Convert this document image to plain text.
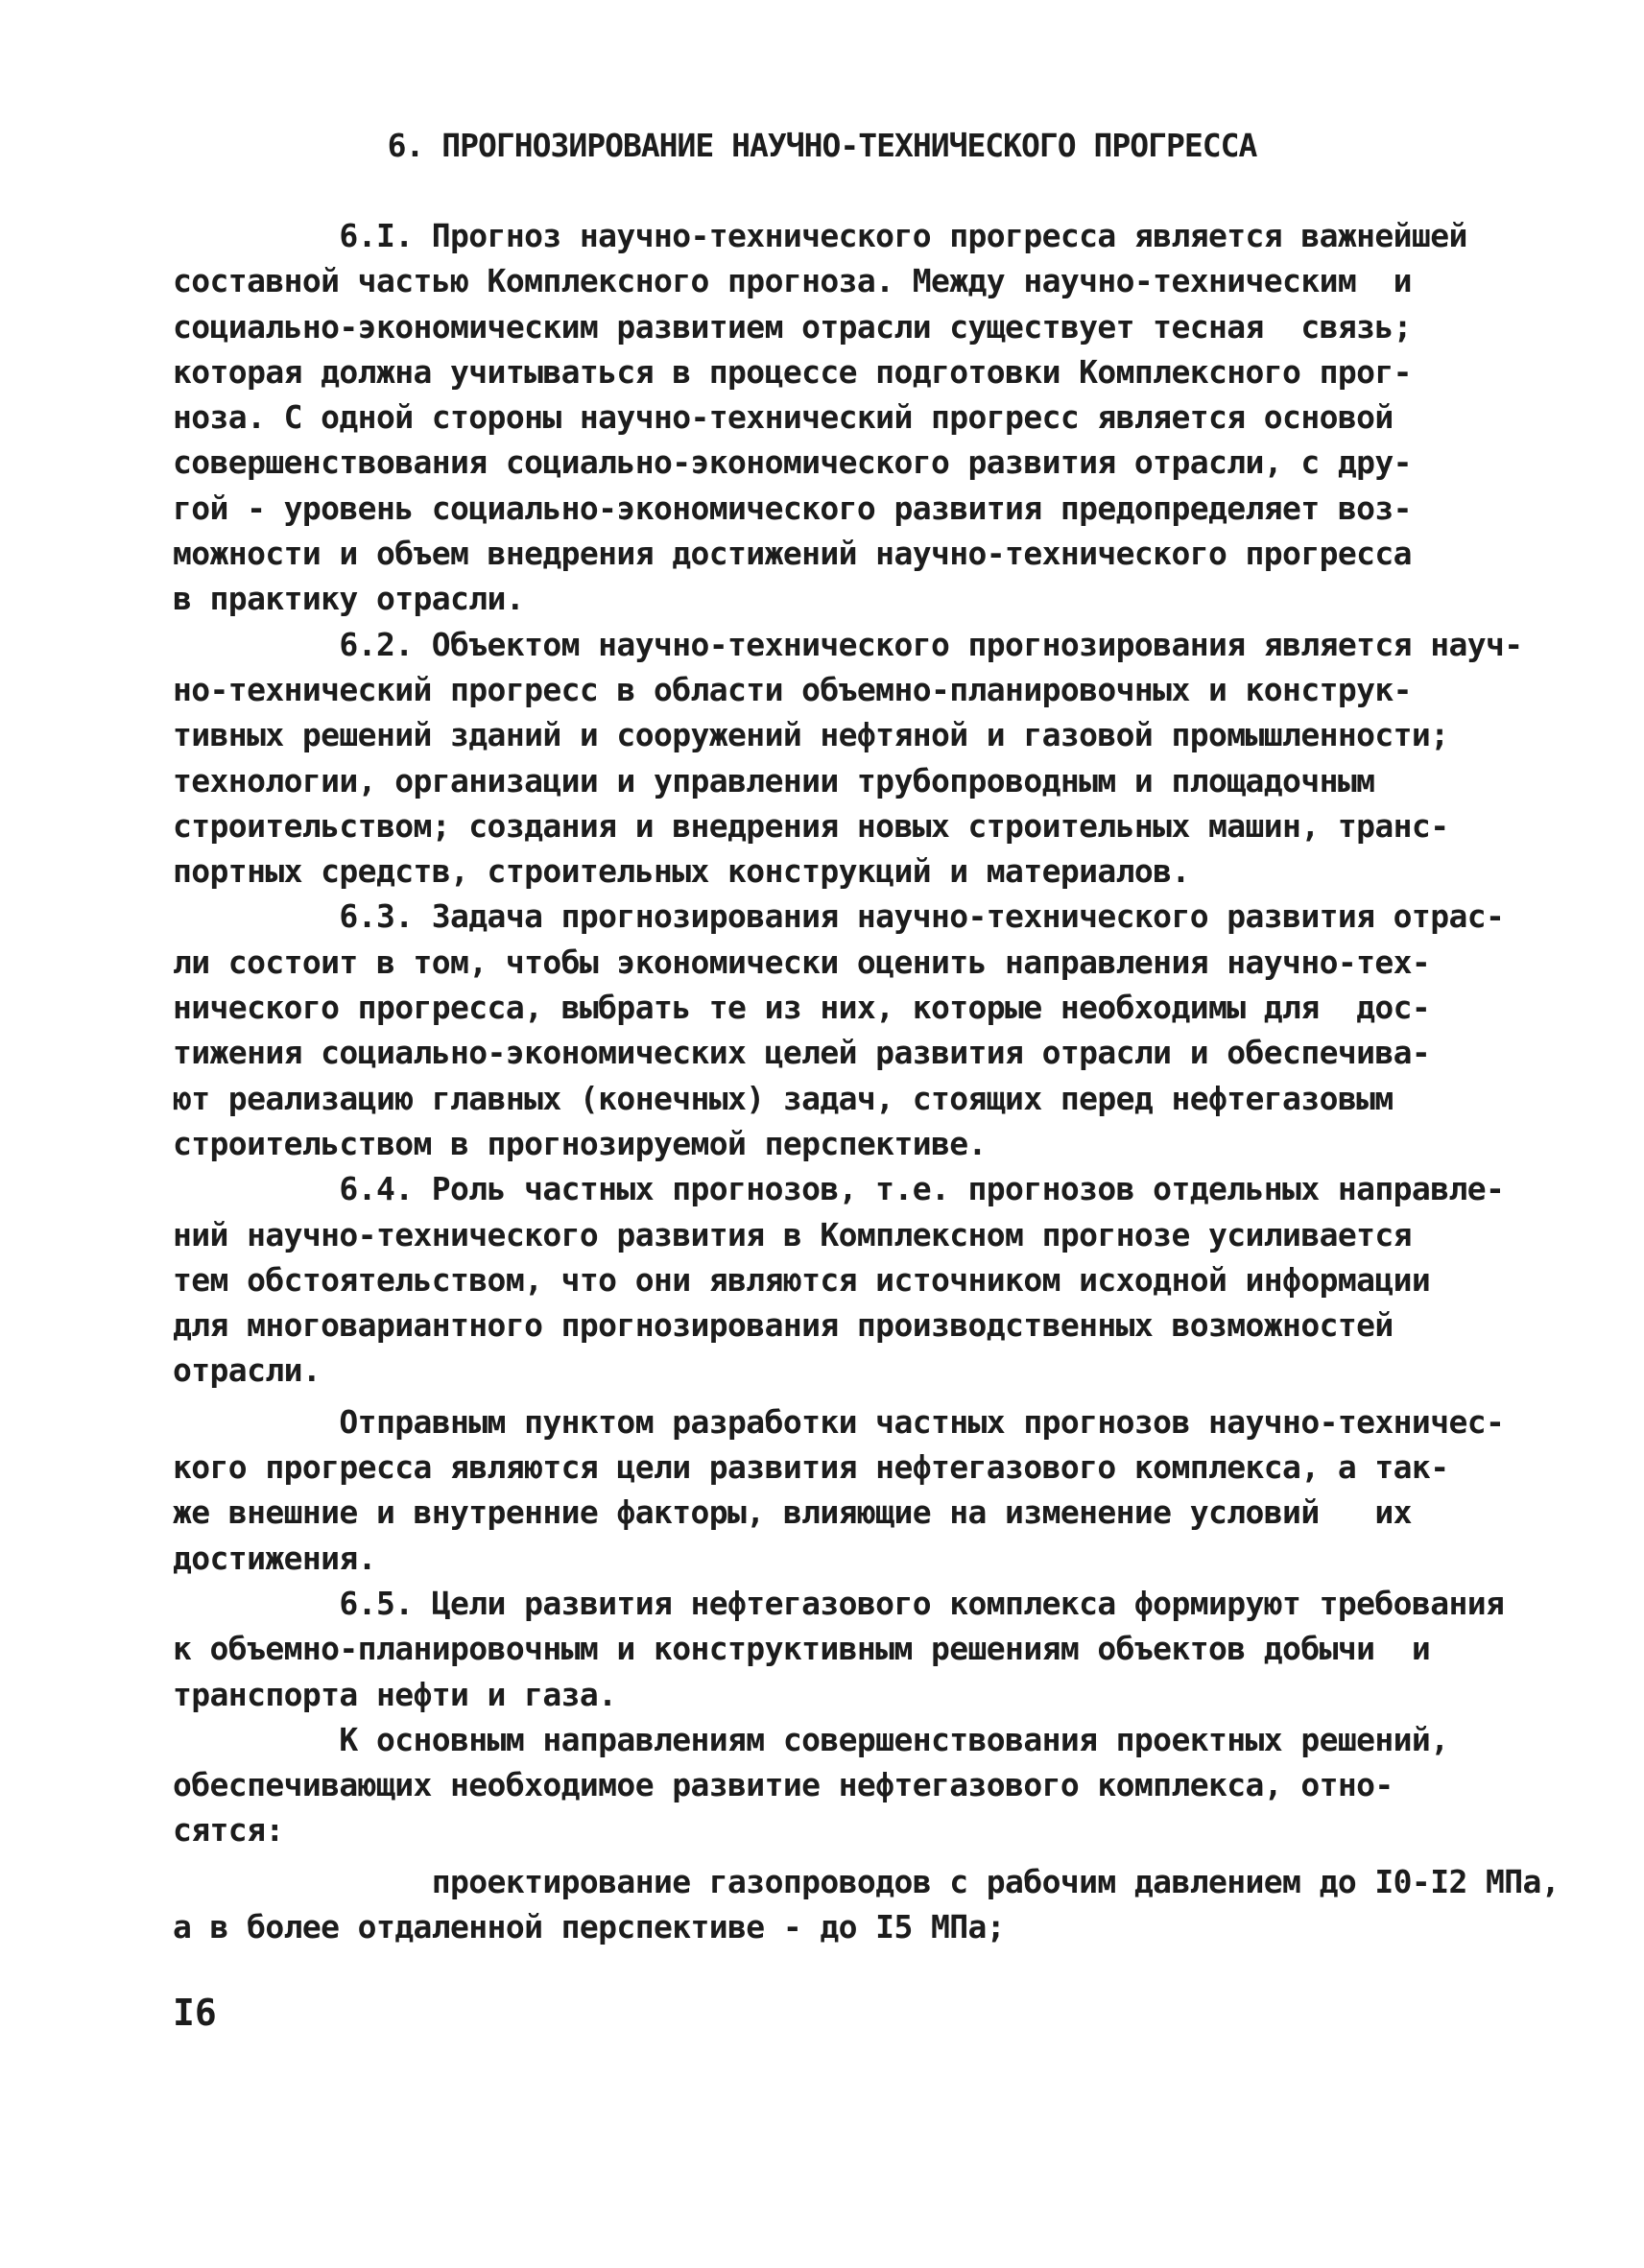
6. ПРОГНОЗИРОВАНИЕ НАУЧНО-ТЕХНИЧЕСКОГО ПРОГРЕССА
6.I. Прогноз научно-технического прогресса является важнейшей
составной частью Комплексного прогноза. Между научно-техническим  и
социально-экономическим развитием отрасли существует тесная  связь;
которая должна учитываться в процессе подготовки Комплексного прог-
ноза. С одной стороны научно-технический прогресс является основой
совершенствования социально-экономического развития отрасли, с дру-
гой - уровень социально-экономического развития предопределяет воз-
можности и объем внедрения достижений научно-технического прогресса
в практику отрасли.
6.2. Объектом научно-технического прогнозирования является науч-
но-технический прогресс в области объемно-планировочных и конструк-
тивных решений зданий и сооружений нефтяной и газовой промышленности;
технологии, организации и управлении трубопроводным и площадочным
строительством; создания и внедрения новых строительных машин, транс-
портных средств, строительных конструкций и материалов.
6.3. Задача прогнозирования научно-технического развития отрас-
ли состоит в том, чтобы экономически оценить направления научно-тех-
нического прогресса, выбрать те из них, которые необходимы для  дос-
тижения социально-экономических целей развития отрасли и обеспечива-
ют реализацию главных (конечных) задач, стоящих перед нефтегазовым
строительством в прогнозируемой перспективе.
6.4. Роль частных прогнозов, т.е. прогнозов отдельных направле-
ний научно-технического развития в Комплексном прогнозе усиливается
тем обстоятельством, что они являются источником исходной информации
для многовариантного прогнозирования производственных возможностей
отрасли.
Отправным пунктом разработки частных прогнозов научно-техничес-
кого прогресса являются цели развития нефтегазового комплекса, а так-
же внешние и внутренние факторы, влияющие на изменение условий   их
достижения.
6.5. Цели развития нефтегазового комплекса формируют требования
к объемно-планировочным и конструктивным решениям объектов добычи  и
транспорта нефти и газа.
К основным направлениям совершенствования проектных решений,
обеспечивающих необходимое развитие нефтегазового комплекса, отно-
сятся:
проектирование газопроводов с рабочим давлением до I0-I2 МПа,
а в более отдаленной перспективе - до I5 МПа;
I6
